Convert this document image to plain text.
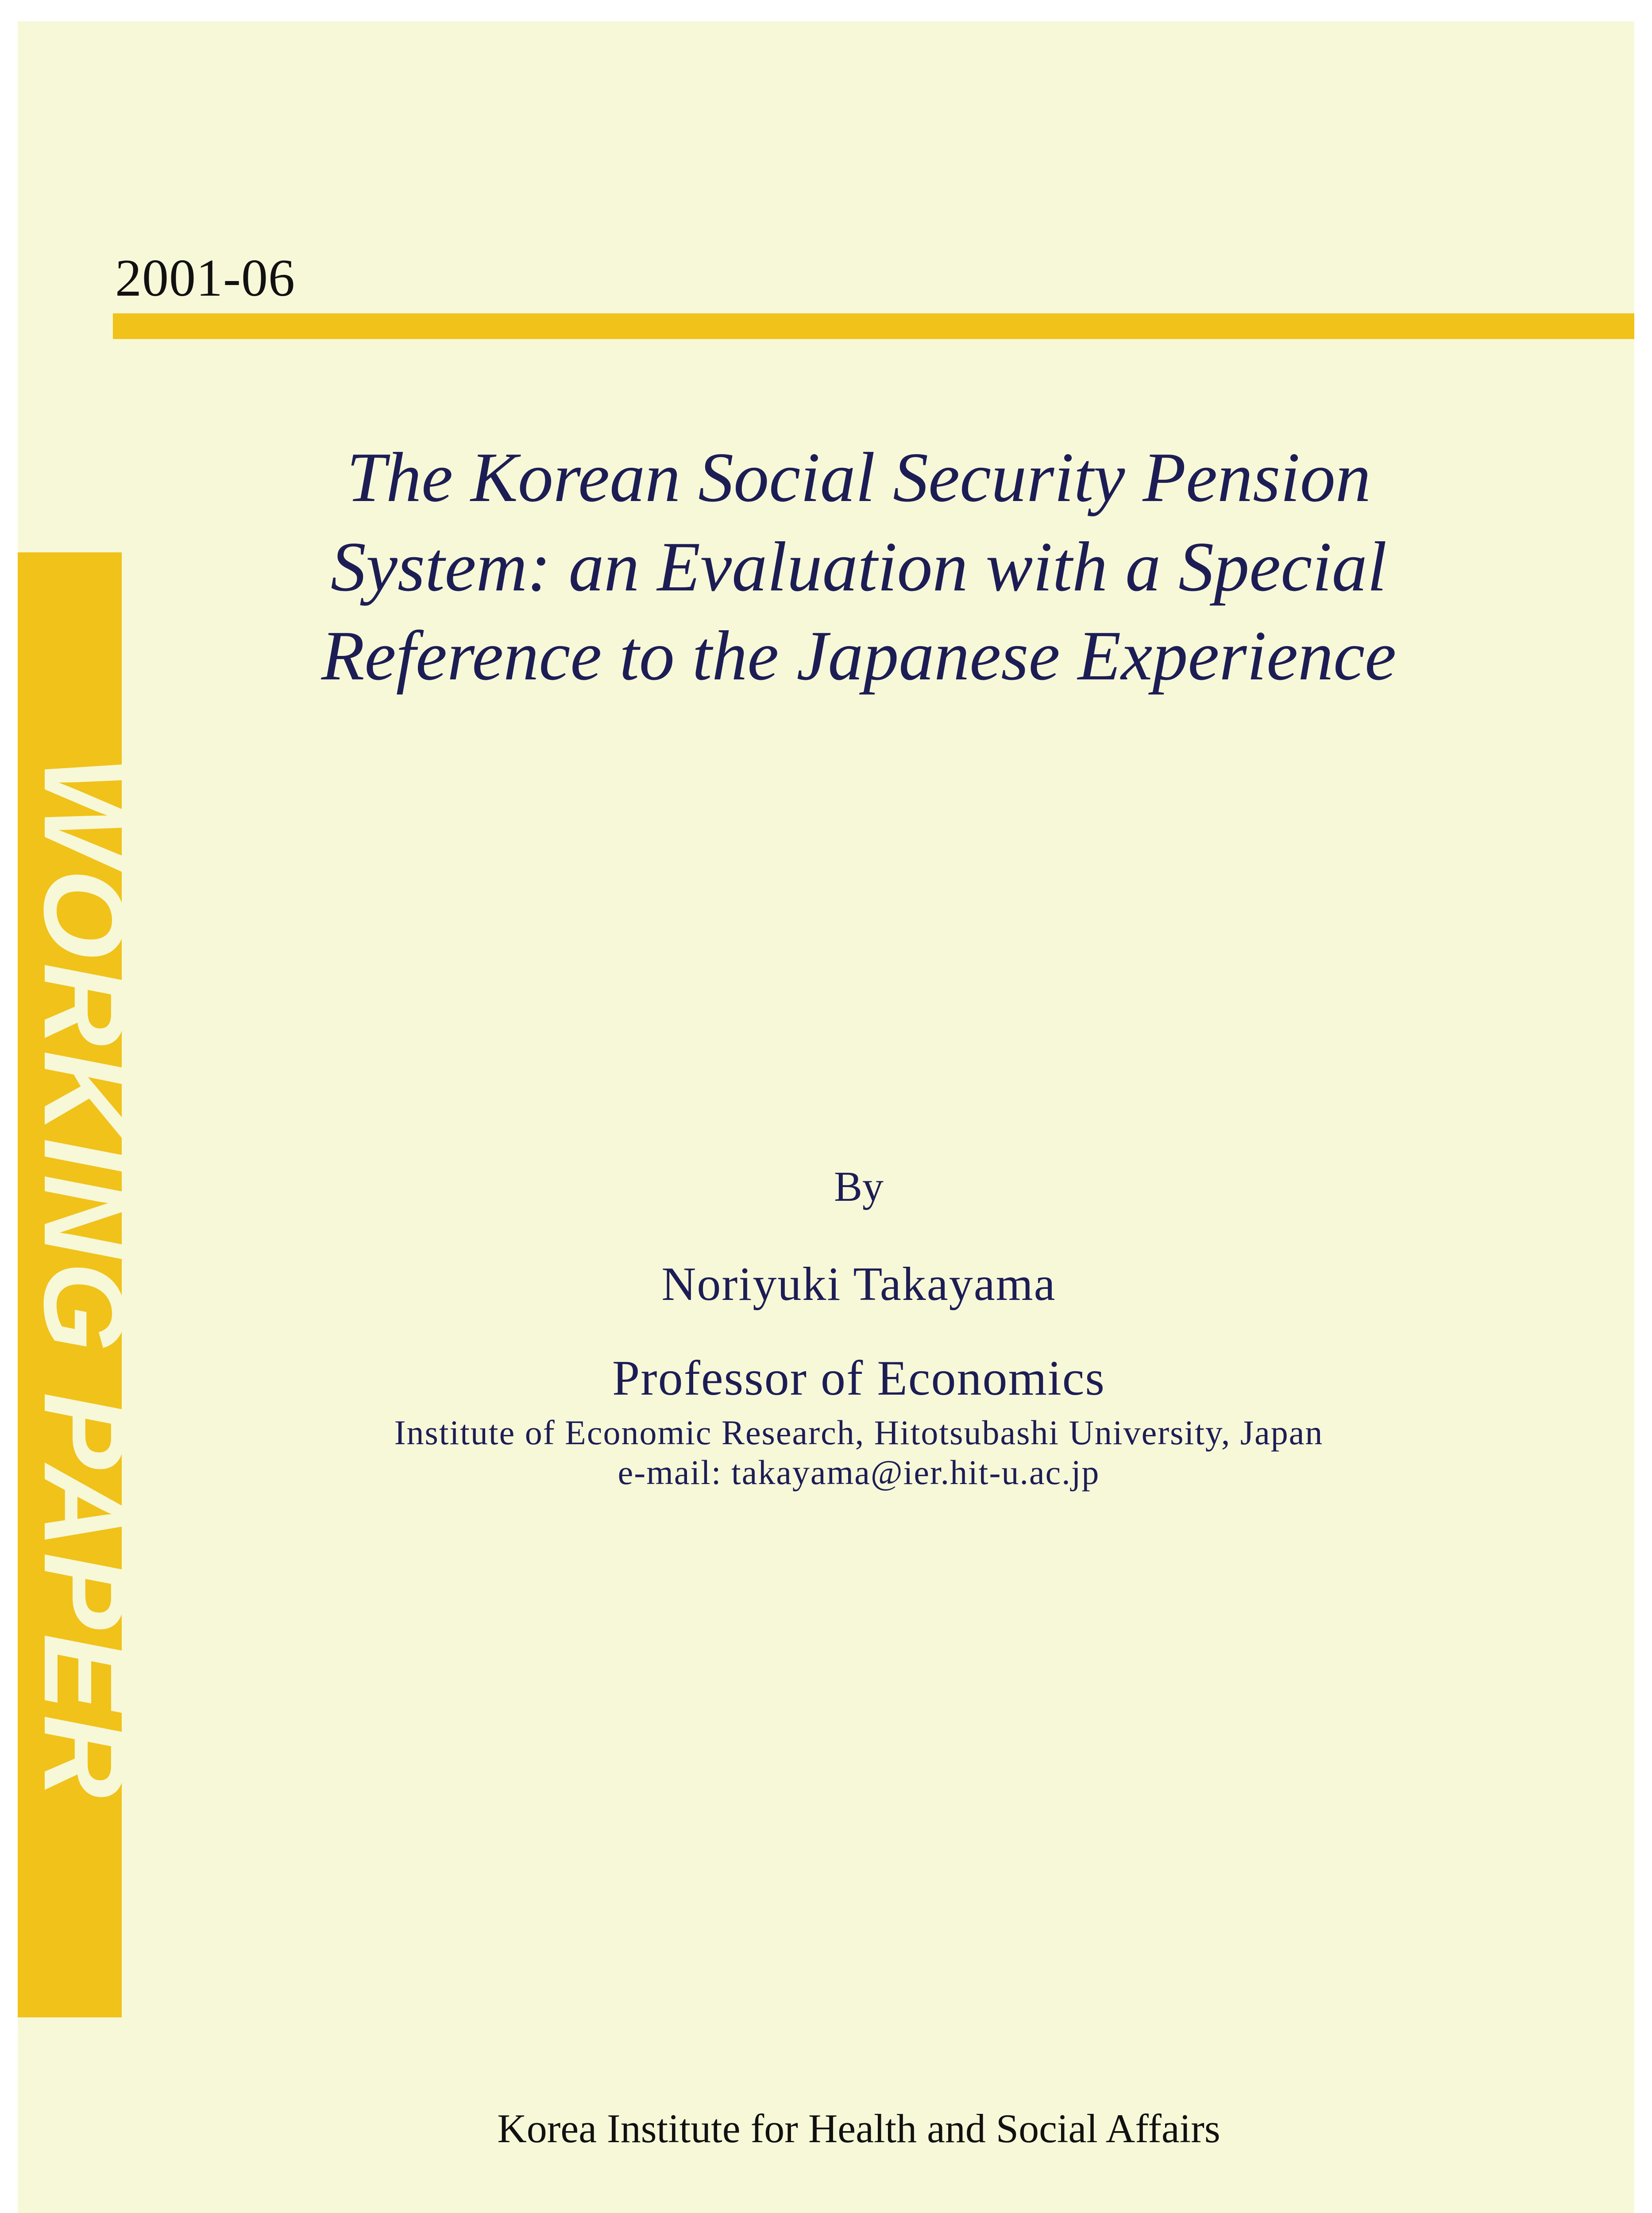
2001-06
WORKING PAPER
The Korean Social Security Pension
System: an Evaluation with a Special
Reference to the Japanese Experience
By
Noriyuki Takayama
Professor of Economics
Institute of Economic Research, Hitotsubashi University, Japan
e-mail: takayama@ier.hit-u.ac.jp
Korea Institute for Health and Social Affairs
